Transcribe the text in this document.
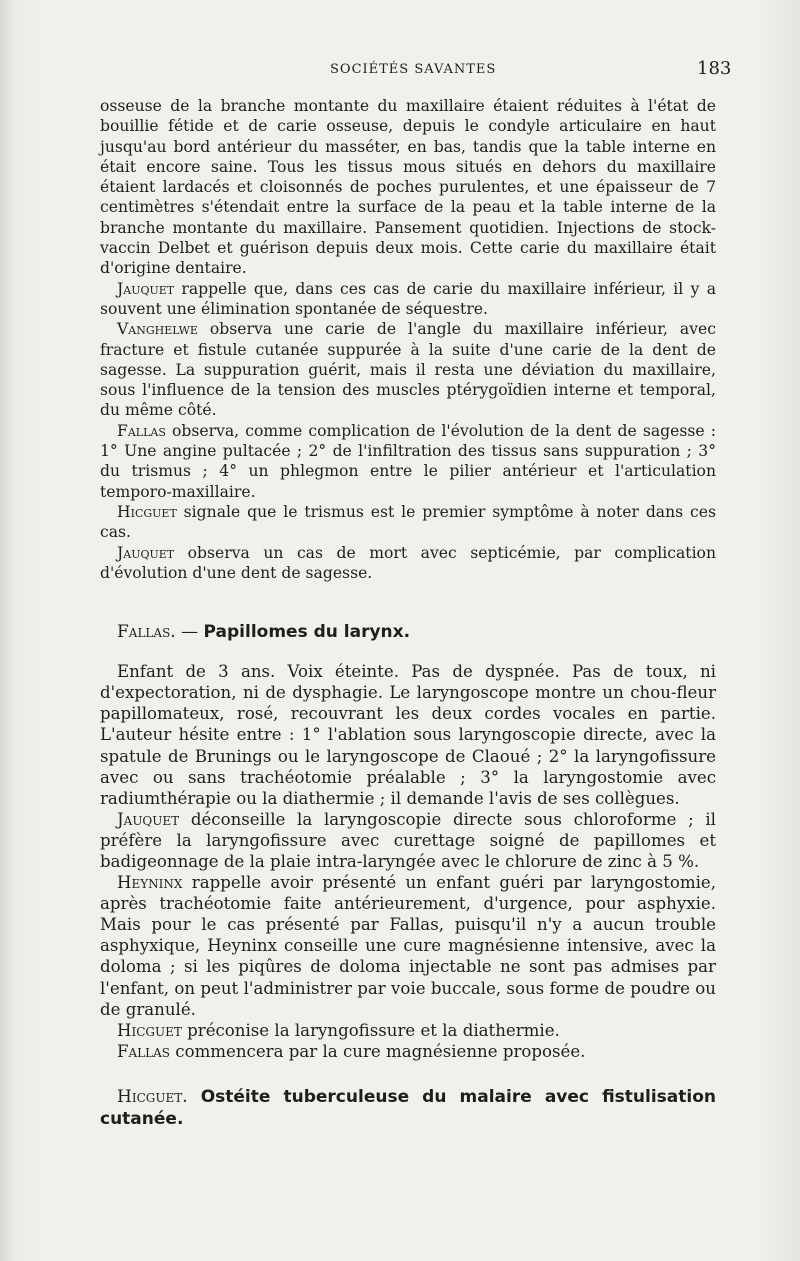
SOCIÉTÉS SAVANTES	183

osseuse de la branche montante du maxillaire étaient réduites à l'état de bouillie fétide et de carie osseuse, depuis le condyle articulaire en haut jusqu'au bord antérieur du masséter, en bas, tandis que la table interne en était encore saine. Tous les tissus mous situés en dehors du maxillaire étaient lardacés et cloisonnés de poches purulentes, et une épaisseur de 7 centimètres s'étendait entre la surface de la peau et la table interne de la branche montante du maxillaire. Pansement quotidien. Injections de stock-vaccin Delbet et guérison depuis deux mois. Cette carie du maxillaire était d'origine dentaire.

Jauquet rappelle que, dans ces cas de carie du maxillaire inférieur, il y a souvent une élimination spontanée de séquestre.

Vanghelwe observa une carie de l'angle du maxillaire inférieur, avec fracture et fistule cutanée suppurée à la suite d'une carie de la dent de sagesse. La suppuration guérit, mais il resta une déviation du maxillaire, sous l'influence de la tension des muscles ptérygoïdien interne et temporal, du même côté.

Fallas observa, comme complication de l'évolution de la dent de sagesse : 1° Une angine pultacée ; 2° de l'infiltration des tissus sans suppuration ; 3° du trismus ; 4° un phlegmon entre le pilier antérieur et l'articulation temporo-maxillaire.

Hicguet signale que le trismus est le premier symptôme à noter dans ces cas.

Jauquet observa un cas de mort avec septicémie, par complication d'évolution d'une dent de sagesse.

Fallas. — Papillomes du larynx.

Enfant de 3 ans. Voix éteinte. Pas de dyspnée. Pas de toux, ni d'expectoration, ni de dysphagie. Le laryngoscope montre un chou-fleur papillomateux, rosé, recouvrant les deux cordes vocales en partie. L'auteur hésite entre : 1° l'ablation sous laryngoscopie directe, avec la spatule de Brunings ou le laryngoscope de Claoué ; 2° la laryngofissure avec ou sans trachéotomie préalable ; 3° la laryngostomie avec radiumthérapie ou la diathermie ; il demande l'avis de ses collègues.

Jauquet déconseille la laryngoscopie directe sous chloroforme ; il préfère la laryngofissure avec curettage soigné de papillomes et badigeonnage de la plaie intra-laryngée avec le chlorure de zinc à 5 %.

Heyninx rappelle avoir présenté un enfant guéri par laryngostomie, après trachéotomie faite antérieurement, d'urgence, pour asphyxie. Mais pour le cas présenté par Fallas, puisqu'il n'y a aucun trouble asphyxique, Heyninx conseille une cure magnésienne intensive, avec la doloma ; si les piqûres de doloma injectable ne sont pas admises par l'enfant, on peut l'administrer par voie buccale, sous forme de poudre ou de granulé.

Hicguet préconise la laryngofissure et la diathermie.

Fallas commencera par la cure magnésienne proposée.

Hicguet. Ostéite tuberculeuse du malaire avec fistulisation cutanée.
